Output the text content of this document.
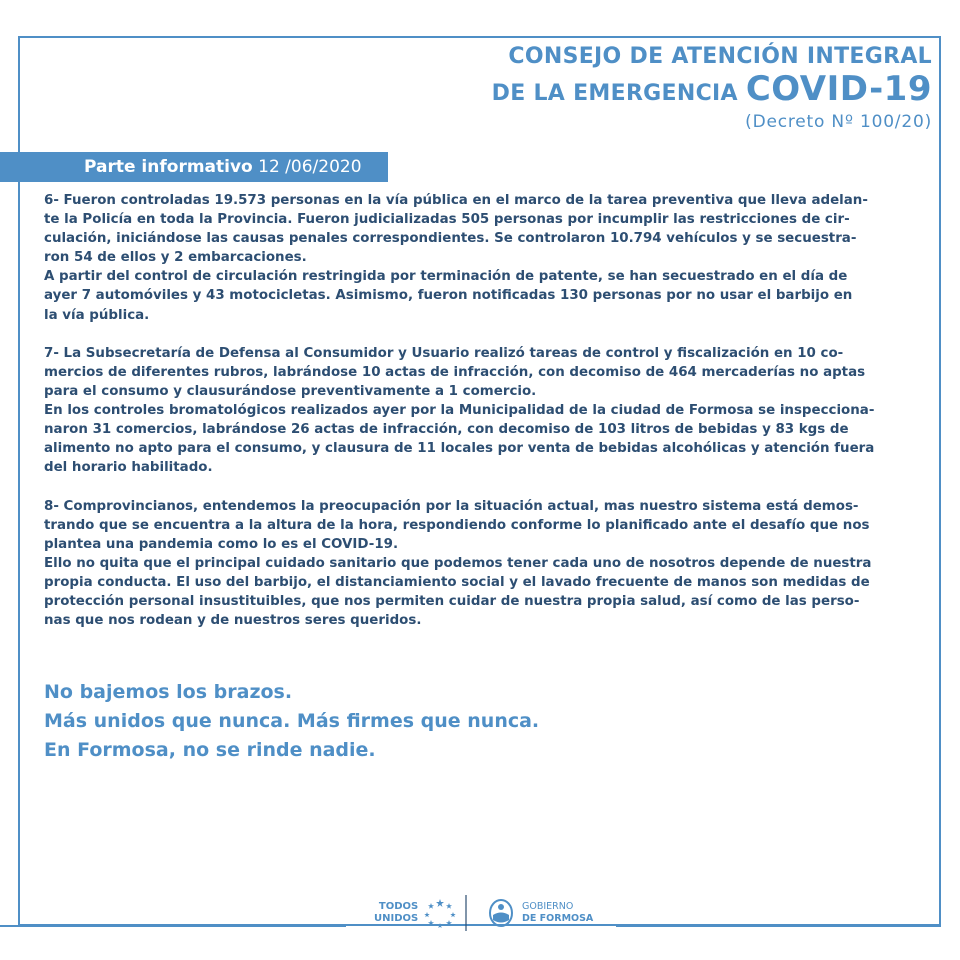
CONSEJO DE ATENCIÓN INTEGRAL
DE LA EMERGENCIA COVID-19
(Decreto Nº 100/20)
Parte informativo 12 /06/2020

6- Fueron controladas 19.573 personas en la vía pública en el marco de la tarea preventiva que lleva adelan-
te la Policía en toda la Provincia. Fueron judicializadas 505 personas por incumplir las restricciones de cir-
culación, iniciándose las causas penales correspondientes. Se controlaron 10.794 vehículos y se secuestra-
ron 54 de ellos y 2 embarcaciones.
A partir del control de circulación restringida por terminación de patente, se han secuestrado en el día de
ayer 7 automóviles y 43 motocicletas. Asimismo, fueron notificadas 130 personas por no usar el barbijo en
la vía pública.

7- La Subsecretaría de Defensa al Consumidor y Usuario realizó tareas de control y fiscalización en 10 co-
mercios de diferentes rubros, labrándose 10 actas de infracción, con decomiso de 464 mercaderías no aptas
para el consumo y clausurándose preventivamente a 1 comercio.
En los controles bromatológicos realizados ayer por la Municipalidad de la ciudad de Formosa se inspecciona-
naron 31 comercios, labrándose 26 actas de infracción, con decomiso de 103 litros de bebidas y 83 kgs de
alimento no apto para el consumo, y clausura de 11 locales por venta de bebidas alcohólicas y atención fuera
del horario habilitado.

8- Comprovincianos, entendemos la preocupación por la situación actual, mas nuestro sistema está demos-
trando que se encuentra a la altura de la hora, respondiendo conforme lo planificado ante el desafío que nos
plantea una pandemia como lo es el COVID-19.
Ello no quita que el principal cuidado sanitario que podemos tener cada uno de nosotros depende de nuestra
propia conducta. El uso del barbijo, el distanciamiento social y el lavado frecuente de manos son medidas de
protección personal insustituibles, que nos permiten cuidar de nuestra propia salud, así como de las perso-
nas que nos rodean y de nuestros seres queridos.

No bajemos los brazos.
Más unidos que nunca. Más firmes que nunca.
En Formosa, no se rinde nadie.
TODOS
UNIDOS
GOBIERNO
DE FORMOSA
